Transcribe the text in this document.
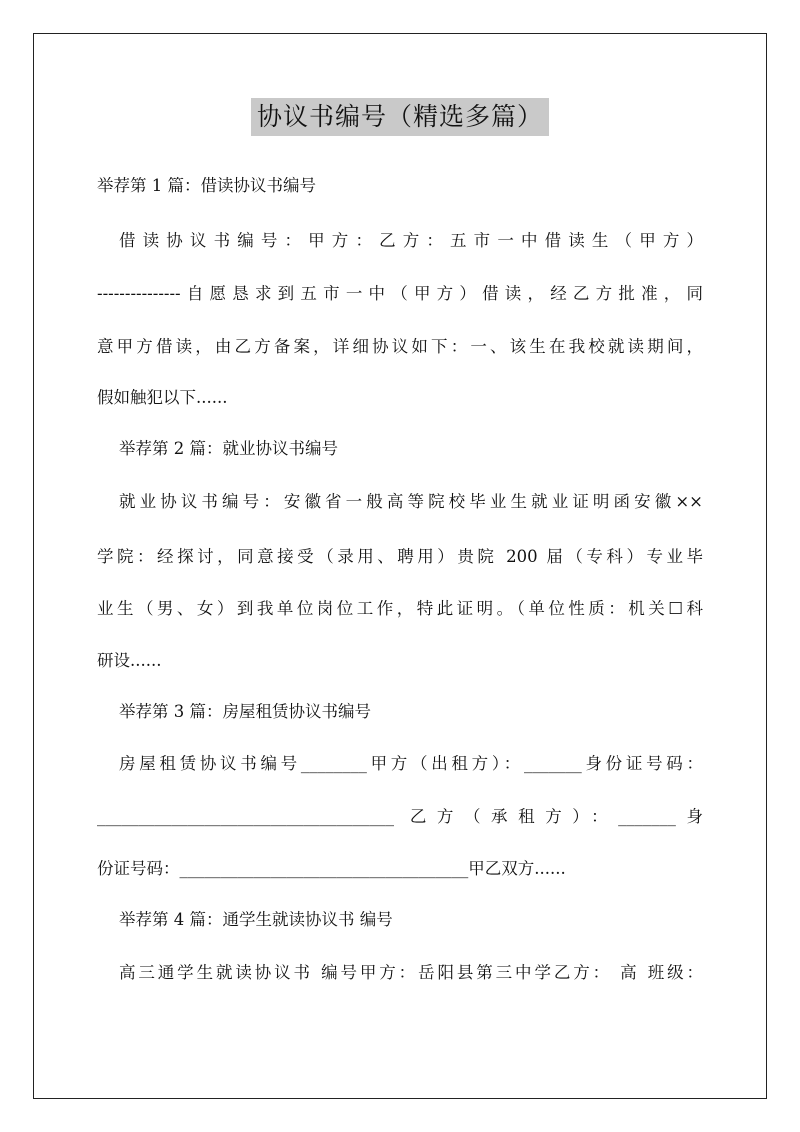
协议书编号（精选多篇）
举荐第 1 篇：借读协议书编号
借读协议书编号：甲方：乙方：五市一中借读生（甲方）
---------------自愿恳求到五市一中（甲方）借读，经乙方批准，同
意甲方借读，由乙方备案，详细协议如下：一、该生在我校就读期间，
假如触犯以下......
举荐第 2 篇：就业协议书编号
就业协议书编号：安徽省一般高等院校毕业生就业证明函安徽××
学院：经探讨，同意接受（录用、聘用）贵院 200 届（专科）专业毕
业生（男、女）到我单位岗位工作，特此证明。（单位性质：机关☐科
研设......
举荐第 3 篇：房屋租赁协议书编号
房屋租赁协议书编号________甲方（出租方）：_______身份证号码：
____________________________________ 乙方（承租方）：_______身
份证号码：___________________________________甲乙双方......
举荐第 4 篇：通学生就读协议书 编号
高三通学生就读协议书 编号甲方：岳阳县第三中学乙方： 高 班级：
